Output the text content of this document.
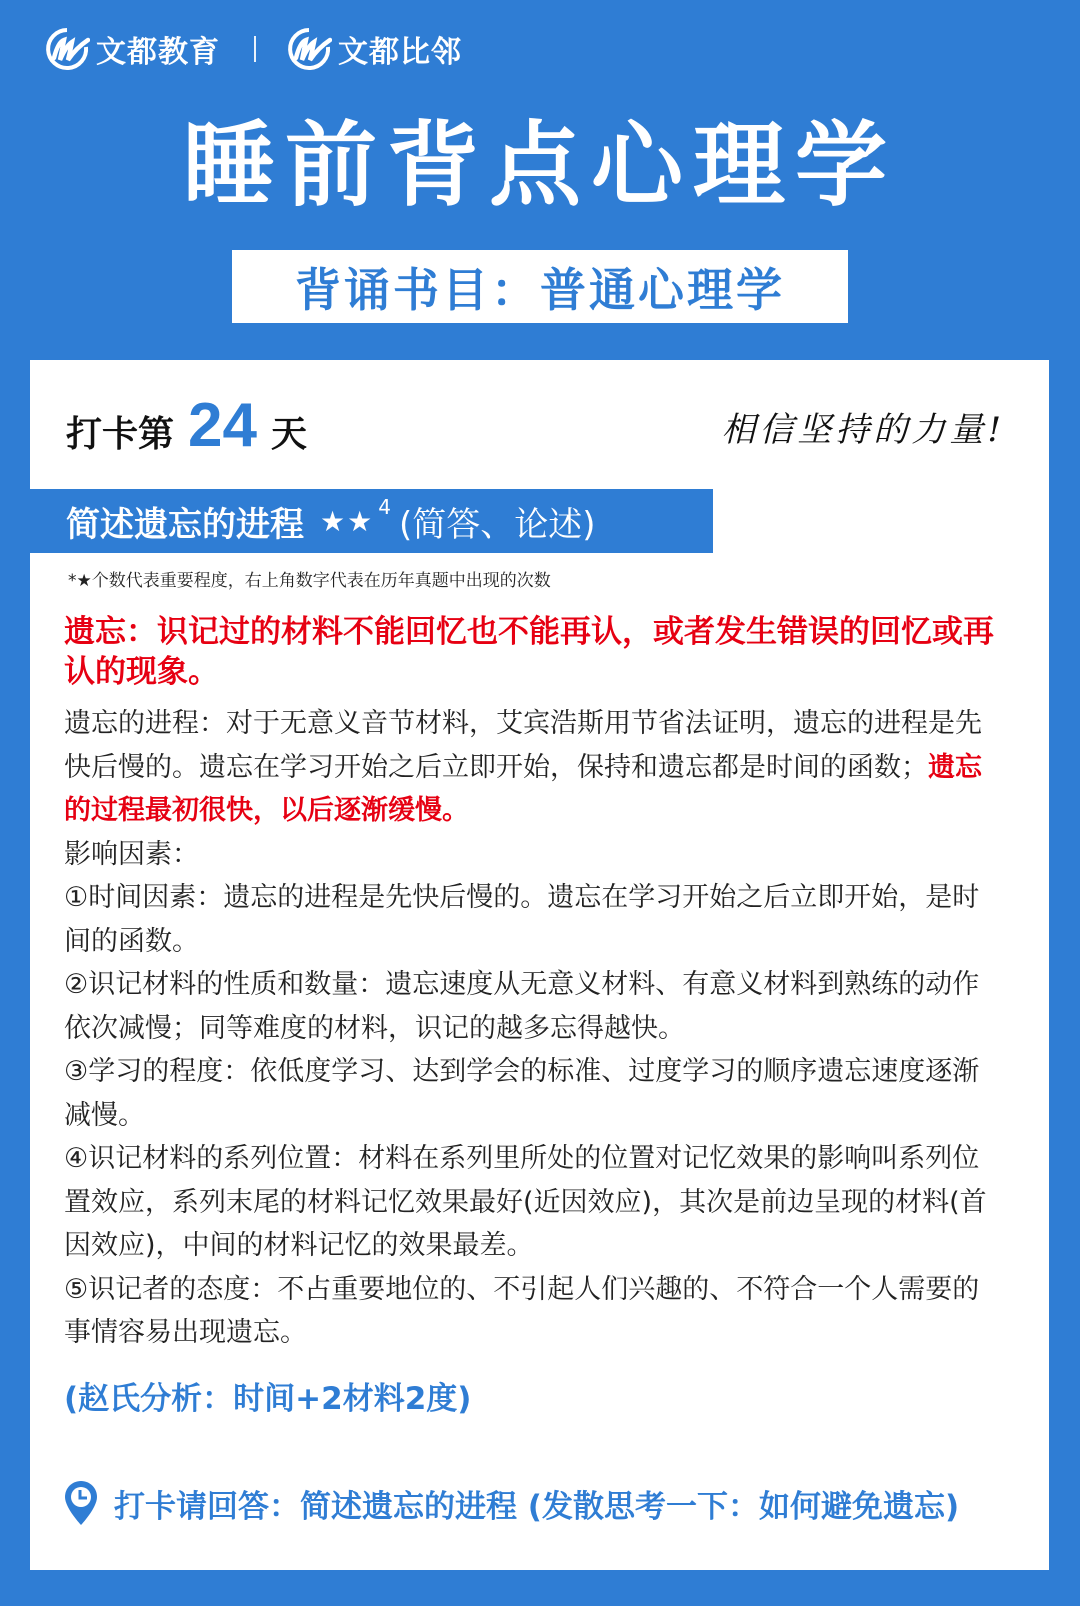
文都教育	文都比邻
睡前背点心理学
背诵书目：普通心理学
打卡第 24 天	相信坚持的力量!
简述遗忘的进程 ★★ 4 (简答、论述)
*★个数代表重要程度，右上角数字代表在历年真题中出现的次数

遗忘：识记过的材料不能回忆也不能再认，或者发生错误的回忆或再认的现象。

遗忘的进程：对于无意义音节材料，艾宾浩斯用节省法证明，遗忘的进程是先快后慢的。遗忘在学习开始之后立即开始，保持和遗忘都是时间的函数；遗忘的过程最初很快，以后逐渐缓慢。

影响因素：

①时间因素：遗忘的进程是先快后慢的。遗忘在学习开始之后立即开始，是时间的函数。

②识记材料的性质和数量：遗忘速度从无意义材料、有意义材料到熟练的动作依次减慢；同等难度的材料，识记的越多忘得越快。

③学习的程度：依低度学习、达到学会的标准、过度学习的顺序遗忘速度逐渐减慢。

④识记材料的系列位置：材料在系列里所处的位置对记忆效果的影响叫系列位置效应，系列末尾的材料记忆效果最好(近因效应)，其次是前边呈现的材料(首因效应)，中间的材料记忆的效果最差。

⑤识记者的态度：不占重要地位的、不引起人们兴趣的、不符合一个人需要的事情容易出现遗忘。

(赵氏分析：时间+2材料2度)
打卡请回答：简述遗忘的进程 (发散思考一下：如何避免遗忘)
